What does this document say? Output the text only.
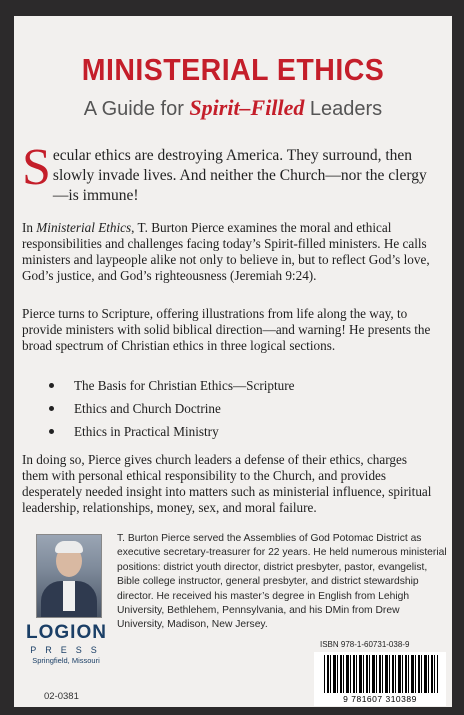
MINISTERIAL ETHICS
A Guide for Spirit–Filled Leaders
Secular ethics are destroying America. They surround, then slowly invade lives. And neither the Church—nor the clergy—is immune!
In Ministerial Ethics, T. Burton Pierce examines the moral and ethical responsibilities and challenges facing today’s Spirit-filled ministers. He calls ministers and laypeople alike not only to believe in, but to reflect God’s love, God’s justice, and God’s righteousness (Jeremiah 9:24).
Pierce turns to Scripture, offering illustrations from life along the way, to provide ministers with solid biblical direction—and warning! He presents the broad spectrum of Christian ethics in three logical sections.
The Basis for Christian Ethics—Scripture
Ethics and Church Doctrine
Ethics in Practical Ministry
In doing so, Pierce gives church leaders a defense of their ethics, charges them with personal ethical responsibility to the Church, and provides desperately needed insight into matters such as ministerial influence, spiritual leadership, relationships, money, sex, and moral failure.
T. Burton Pierce served the Assemblies of God Potomac District as executive secretary-treasurer for 22 years. He held numerous ministerial positions: district youth director, district presbyter, pastor, evangelist, Bible college instructor, general presbyter, and district stewardship director. He received his master’s degree in English from Lehigh University, Bethlehem, Pennsylvania, and his DMin from Drew University, Madison, New Jersey.
LOGION
PRESS
Springfield, Missouri
02-0381
ISBN 978-1-60731-038-9
9 781607 310389
